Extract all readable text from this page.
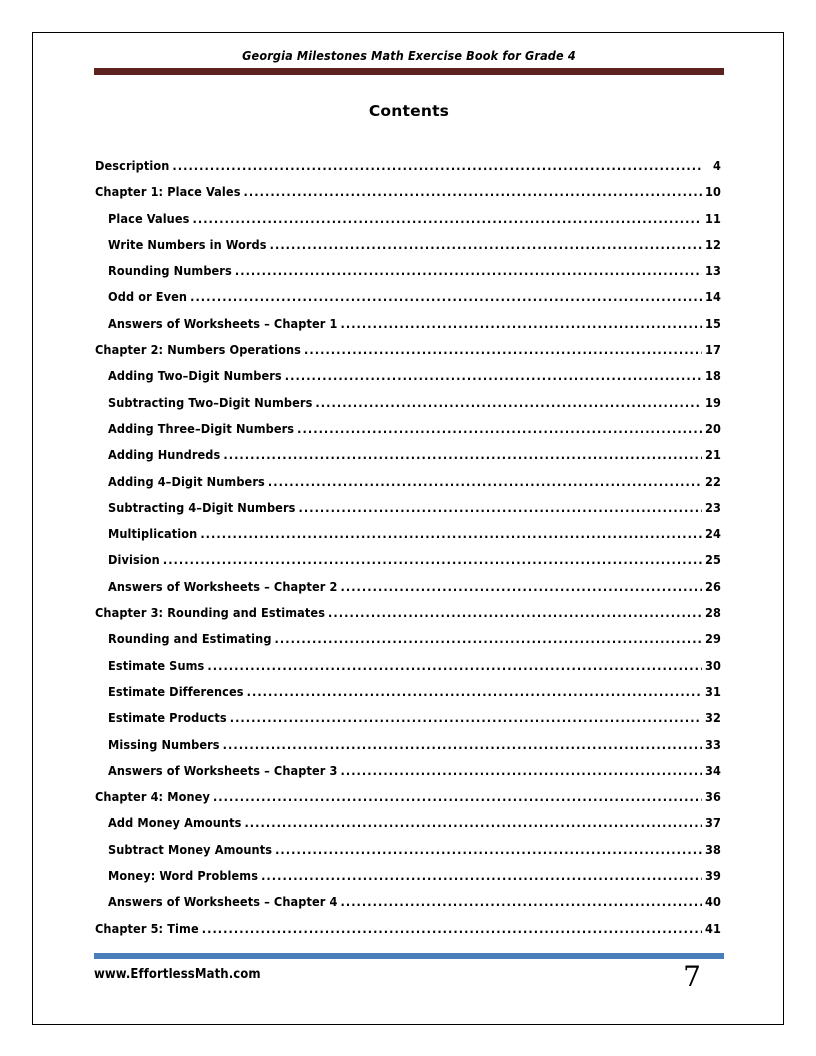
Georgia Milestones Math Exercise Book for Grade 4
Contents
Description .....	4
Chapter 1: Place Vales .....	10
Place Values .....	11
Write Numbers in Words .....	12
Rounding Numbers .....	13
Odd or Even .....	14
Answers of Worksheets – Chapter 1 .....	15
Chapter 2: Numbers Operations .....	17
Adding Two–Digit Numbers .....	18
Subtracting Two–Digit Numbers .....	19
Adding Three–Digit Numbers .....	20
Adding Hundreds .....	21
Adding 4–Digit Numbers .....	22
Subtracting 4–Digit Numbers .....	23
Multiplication .....	24
Division .....	25
Answers of Worksheets – Chapter 2 .....	26
Chapter 3: Rounding and Estimates .....	28
Rounding and Estimating .....	29
Estimate Sums .....	30
Estimate Differences .....	31
Estimate Products .....	32
Missing Numbers .....	33
Answers of Worksheets – Chapter 3 .....	34
Chapter 4: Money .....	36
Add Money Amounts .....	37
Subtract Money Amounts .....	38
Money: Word Problems .....	39
Answers of Worksheets – Chapter 4 .....	40
Chapter 5: Time .....	41
www.EffortlessMath.com	7
